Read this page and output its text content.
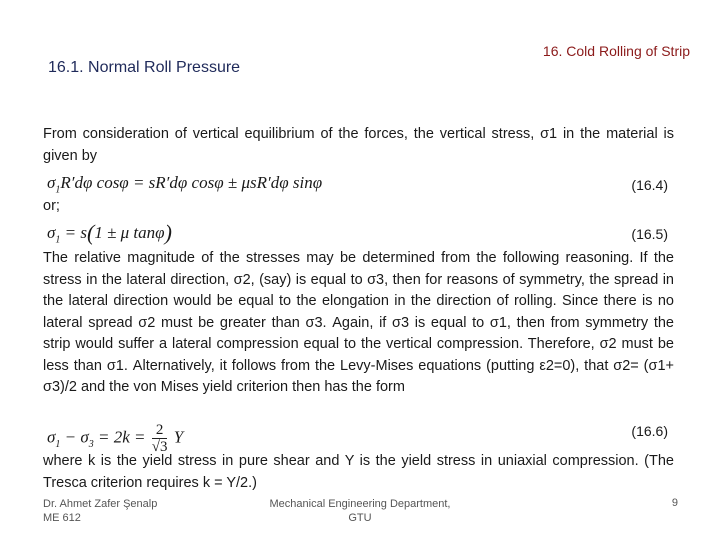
16.1. Normal Roll Pressure
16. Cold Rolling of Strip
From consideration of vertical equilibrium of the forces, the vertical stress, σ1 in the material is given by
$\sigma_1R'd\varphi$ cosφ = sR′dφ cosφ ± μsR′dφ sinφ	(16.4)
or;
$\sigma_1 = s(1 \pm \mu$ tanφ)	(16.5)
The relative magnitude of the stresses may be determined from the following reasoning. If the stress in the lateral direction, σ2, (say) is equal to σ3, then for reasons of symmetry, the spread in the lateral direction would be equal to the elongation in the direction of rolling. Since there is no lateral spread σ2 must be greater than σ3. Again, if σ3 is equal to σ1, then from symmetry the strip would suffer a lateral compression equal to the vertical compression. Therefore, σ2 must be less than σ1. Alternatively, it follows from the Levy-Mises equations (putting ε2=0), that σ2= (σ1+ σ3)/2 and the von Mises yield criterion then has the form
$\sigma_1 - \sigma_3 = 2k = \frac{2}{√3}$ Y	(16.6)
where k is the yield stress in pure shear and Y is the yield stress in uniaxial compression. (The Tresca criterion requires k = Y/2.)
Dr. Ahmet Zafer Şenalp
ME 612
Mechanical Engineering Department,
GTU
9
